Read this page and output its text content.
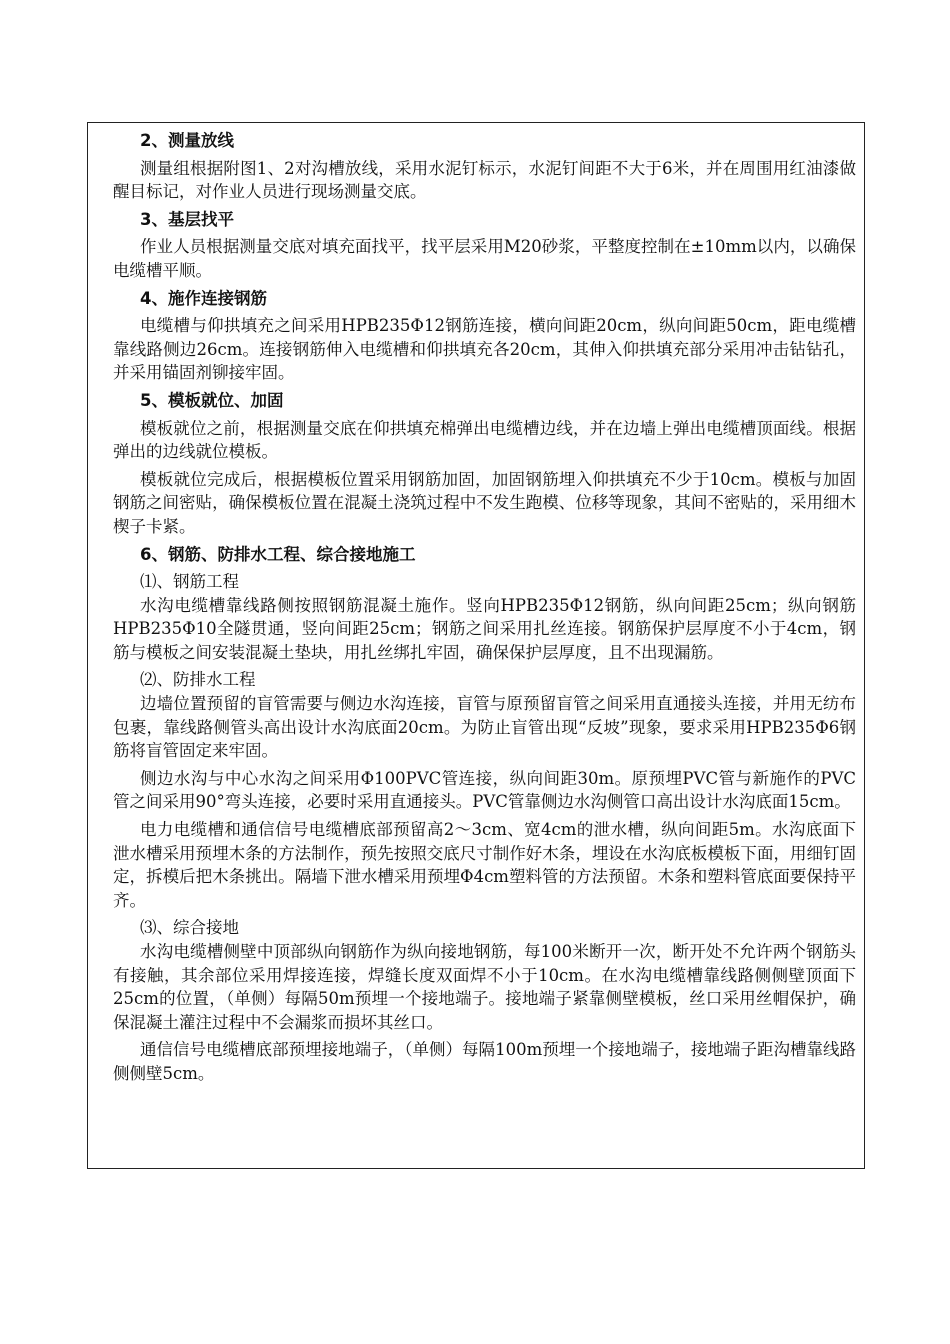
2、测量放线
测量组根据附图1、2对沟槽放线，采用水泥钉标示，水泥钉间距不大于6米，并在周围用红油漆做醒目标记，对作业人员进行现场测量交底。
3、基层找平
作业人员根据测量交底对填充面找平，找平层采用M20砂浆，平整度控制在±10mm以内，以确保电缆槽平顺。
4、施作连接钢筋
电缆槽与仰拱填充之间采用HPB235Φ12钢筋连接，横向间距20cm，纵向间距50cm，距电缆槽靠线路侧边26cm。连接钢筋伸入电缆槽和仰拱填充各20cm，其伸入仰拱填充部分采用冲击钻钻孔，并采用锚固剂铆接牢固。
5、模板就位、加固
模板就位之前，根据测量交底在仰拱填充棉弹出电缆槽边线，并在边墙上弹出电缆槽顶面线。根据弹出的边线就位模板。
模板就位完成后，根据模板位置采用钢筋加固，加固钢筋埋入仰拱填充不少于10cm。模板与加固钢筋之间密贴，确保模板位置在混凝土浇筑过程中不发生跑模、位移等现象，其间不密贴的，采用细木楔子卡紧。
6、钢筋、防排水工程、综合接地施工
⑴、钢筋工程
水沟电缆槽靠线路侧按照钢筋混凝土施作。竖向HPB235Φ12钢筋，纵向间距25cm；纵向钢筋HPB235Φ10全隧贯通，竖向间距25cm；钢筋之间采用扎丝连接。钢筋保护层厚度不小于4cm，钢筋与模板之间安装混凝土垫块，用扎丝绑扎牢固，确保保护层厚度，且不出现漏筋。
⑵、防排水工程
边墙位置预留的盲管需要与侧边水沟连接，盲管与原预留盲管之间采用直通接头连接，并用无纺布包裹，靠线路侧管头高出设计水沟底面20cm。为防止盲管出现“反坡”现象，要求采用HPB235Φ6钢筋将盲管固定来牢固。
侧边水沟与中心水沟之间采用Φ100PVC管连接，纵向间距30m。原预埋PVC管与新施作的PVC管之间采用90°弯头连接，必要时采用直通接头。PVC管靠侧边水沟侧管口高出设计水沟底面15cm。
电力电缆槽和通信信号电缆槽底部预留高2～3cm、宽4cm的泄水槽，纵向间距5m。水沟底面下泄水槽采用预埋木条的方法制作，预先按照交底尺寸制作好木条，埋设在水沟底板模板下面，用细钉固定，拆模后把木条挑出。隔墙下泄水槽采用预埋Φ4cm塑料管的方法预留。木条和塑料管底面要保持平齐。
⑶、综合接地
水沟电缆槽侧壁中顶部纵向钢筋作为纵向接地钢筋，每100米断开一次，断开处不允许两个钢筋头有接触，其余部位采用焊接连接，焊缝长度双面焊不小于10cm。在水沟电缆槽靠线路侧侧壁顶面下25cm的位置，（单侧）每隔50m预埋一个接地端子。接地端子紧靠侧壁模板，丝口采用丝帽保护，确保混凝土灌注过程中不会漏浆而损坏其丝口。
通信信号电缆槽底部预埋接地端子，（单侧）每隔100m预埋一个接地端子，接地端子距沟槽靠线路侧侧壁5cm。
